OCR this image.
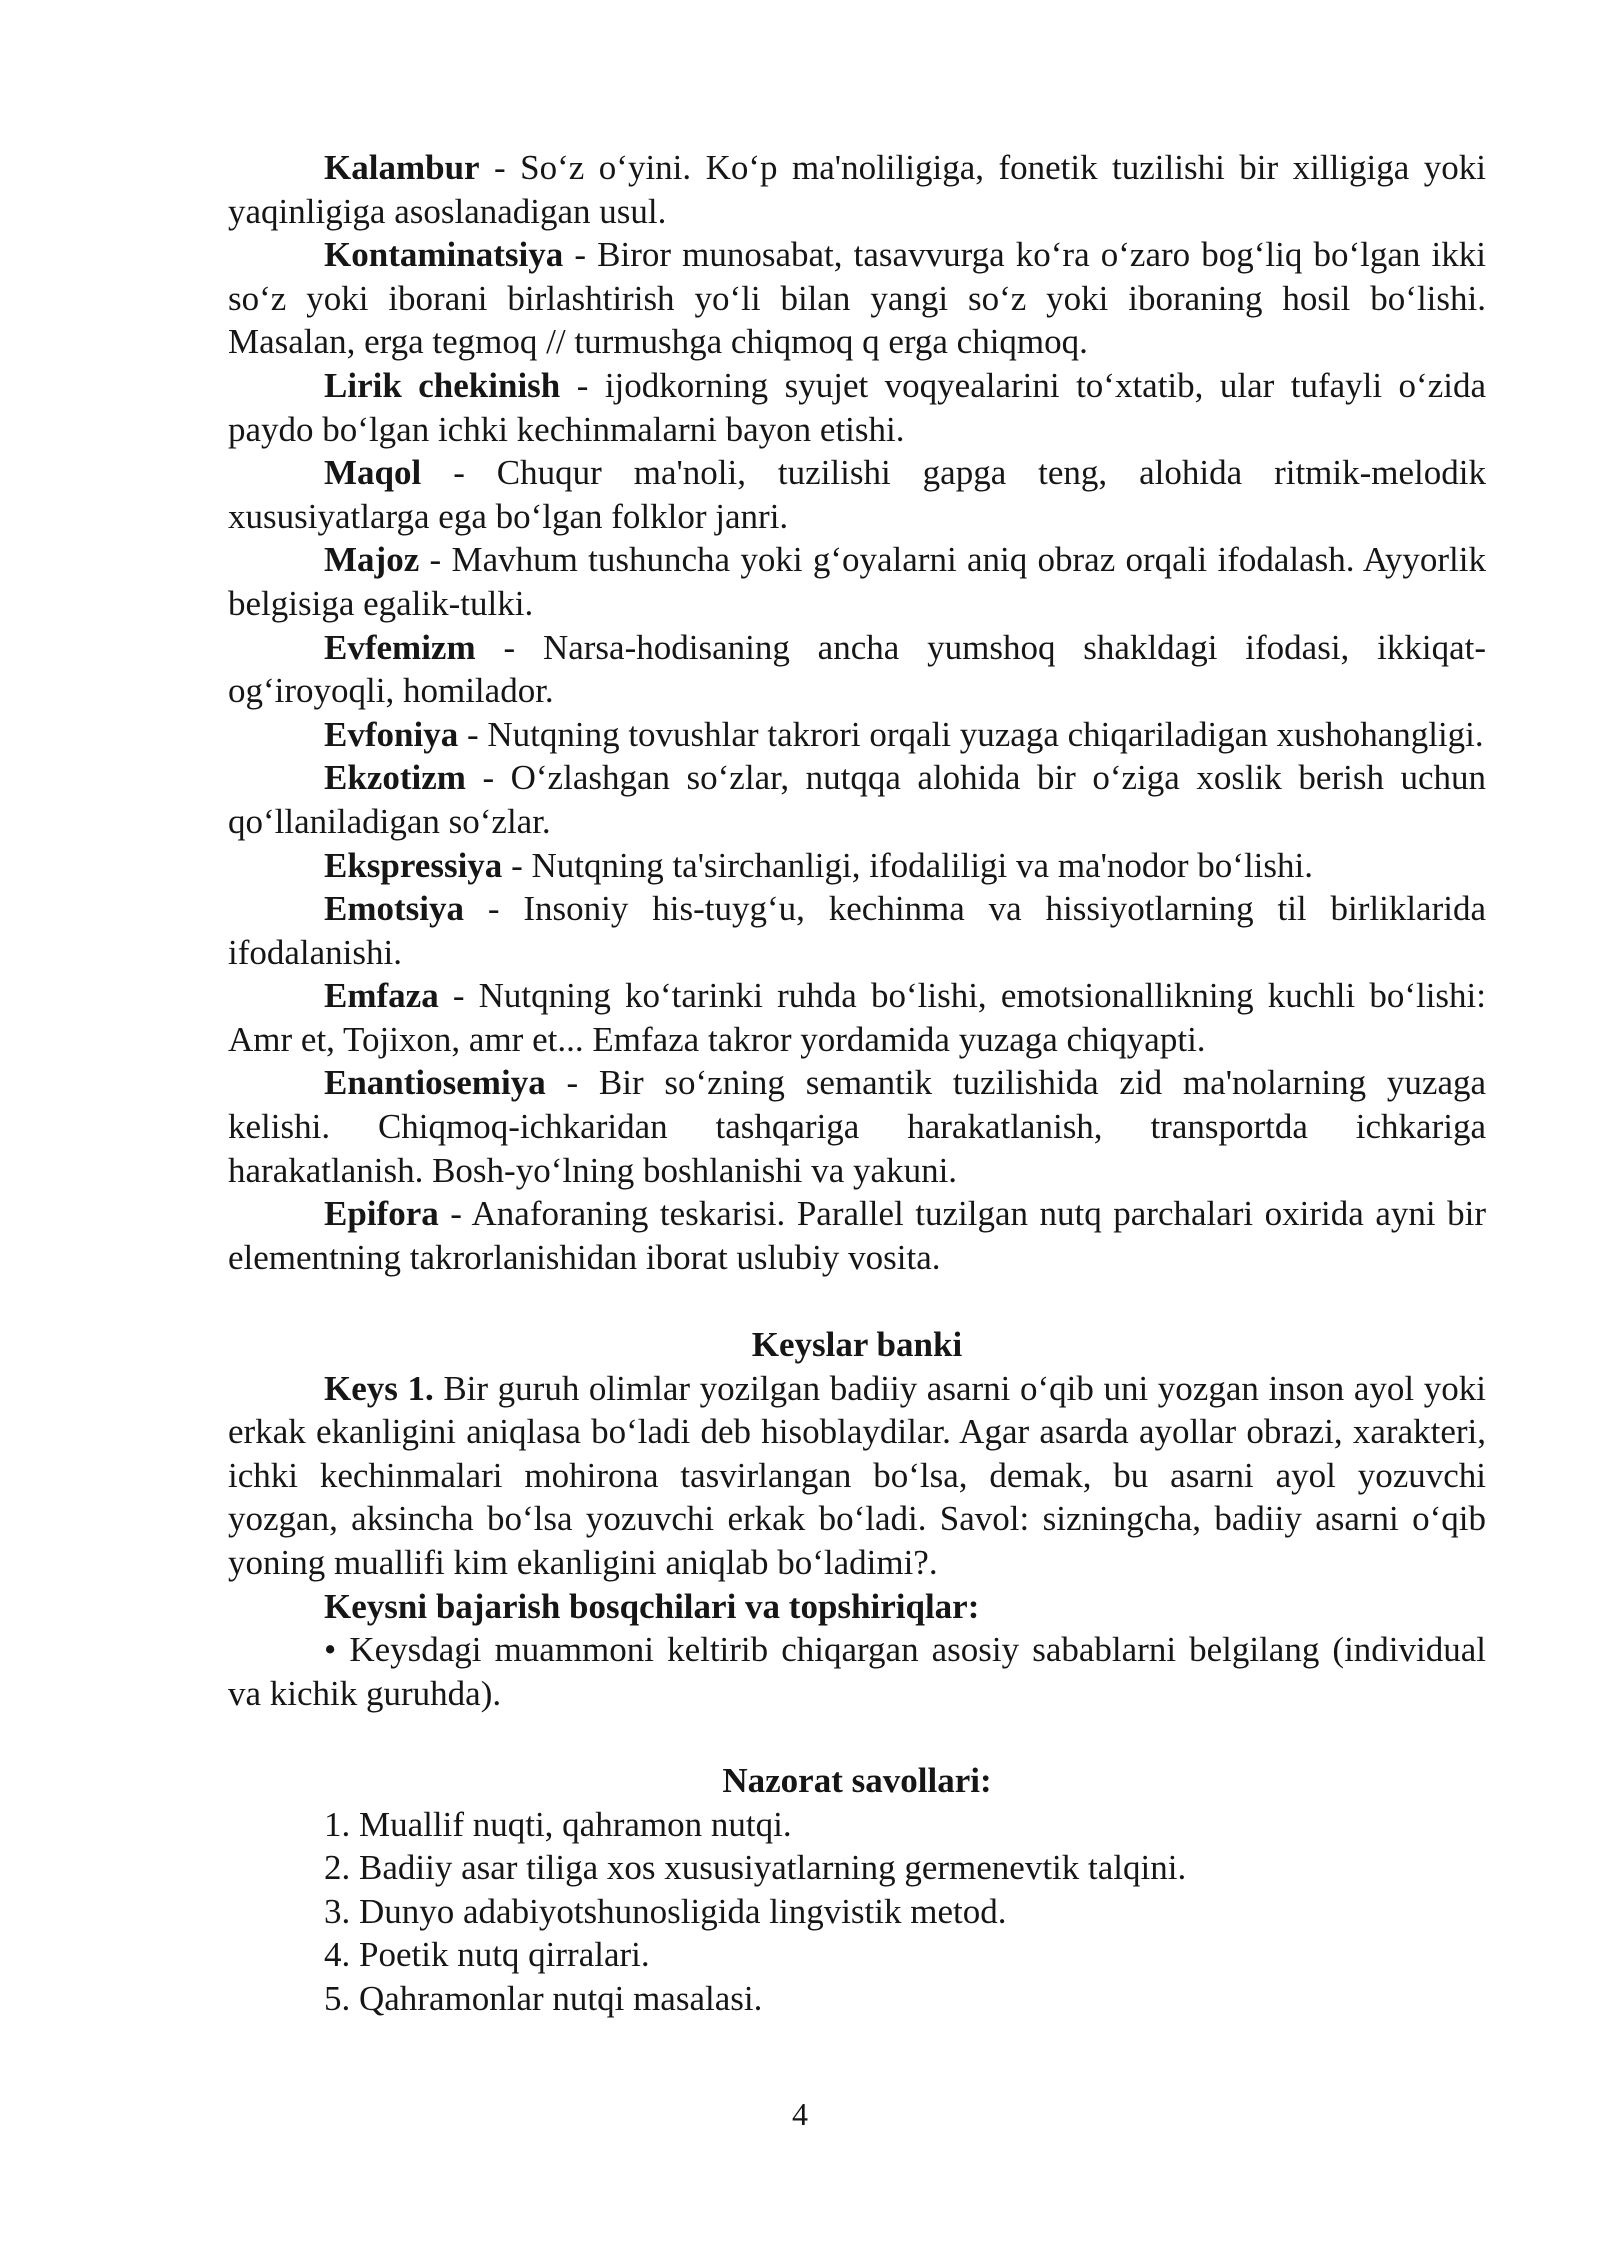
Kalambur - So‘z o‘yini. Ko‘p ma'noliligiga, fonetik tuzilishi bir xilligiga yoki yaqinligiga asoslanadigan usul.

Kontaminatsiya - Biror munosabat, tasavvurga ko‘ra o‘zaro bog‘liq bo‘lgan ikki so‘z yoki iborani birlashtirish yo‘li bilan yangi so‘z yoki iboraning hosil bo‘lishi. Masalan, erga tegmoq // turmushga chiqmoq q erga chiqmoq.

Lirik chekinish - ijodkorning syujet voqyealarini to‘xtatib, ular tufayli o‘zida paydo bo‘lgan ichki kechinmalarni bayon etishi.

Maqol - Chuqur ma'noli, tuzilishi gapga teng, alohida ritmik-melodik xususiyatlarga ega bo‘lgan folklor janri.

Majoz - Mavhum tushuncha yoki g‘oyalarni aniq obraz orqali ifodalash. Ayyorlik belgisiga egalik-tulki.

Evfemizm - Narsa-hodisaning ancha yumshoq shakldagi ifodasi, ikkiqat-og‘iroyoqli, homilador.

Evfoniya - Nutqning tovushlar takrori orqali yuzaga chiqariladigan xushohangligi.

Ekzotizm - O‘zlashgan so‘zlar, nutqqa alohida bir o‘ziga xoslik berish uchun qo‘llaniladigan so‘zlar.

Ekspressiya - Nutqning ta'sirchanligi, ifodaliligi va ma'nodor bo‘lishi.

Emotsiya - Insoniy his-tuyg‘u, kechinma va hissiyotlarning til birliklarida ifodalanishi.

Emfaza - Nutqning ko‘tarinki ruhda bo‘lishi, emotsionallikning kuchli bo‘lishi: Amr et, Tojixon, amr et... Emfaza takror yordamida yuzaga chiqyapti.

Enantiosemiya - Bir so‘zning semantik tuzilishida zid ma'nolarning yuzaga kelishi. Chiqmoq-ichkaridan tashqariga harakatlanish, transportda ichkariga harakatlanish. Bosh-yo‘lning boshlanishi va yakuni.

Epifora - Anaforaning teskarisi. Parallel tuzilgan nutq parchalari oxirida ayni bir elementning takrorlanishidan iborat uslubiy vosita.

Keyslar banki

Keys 1. Bir guruh olimlar yozilgan badiiy asarni o‘qib uni yozgan inson ayol yoki erkak ekanligini aniqlasa bo‘ladi deb hisoblaydilar. Agar asarda ayollar obrazi, xarakteri, ichki kechinmalari mohirona tasvirlangan bo‘lsa, demak, bu asarni ayol yozuvchi yozgan, aksincha bo‘lsa yozuvchi erkak bo‘ladi. Savol: sizningcha, badiiy asarni o‘qib yoning muallifi kim ekanligini aniqlab bo‘ladimi?.

Keysni bajarish bosqchilari va topshiriqlar:

• Keysdagi muammoni keltirib chiqargan asosiy sabablarni belgilang (individual va kichik guruhda).

Nazorat savollari:

1. Muallif nuqti, qahramon nutqi.

2. Badiiy asar tiliga xos xususiyatlarning germenevtik talqini.

3. Dunyo adabiyotshunosligida lingvistik metod.

4. Poetik nutq qirralari.

5. Qahramonlar nutqi masalasi.

4
